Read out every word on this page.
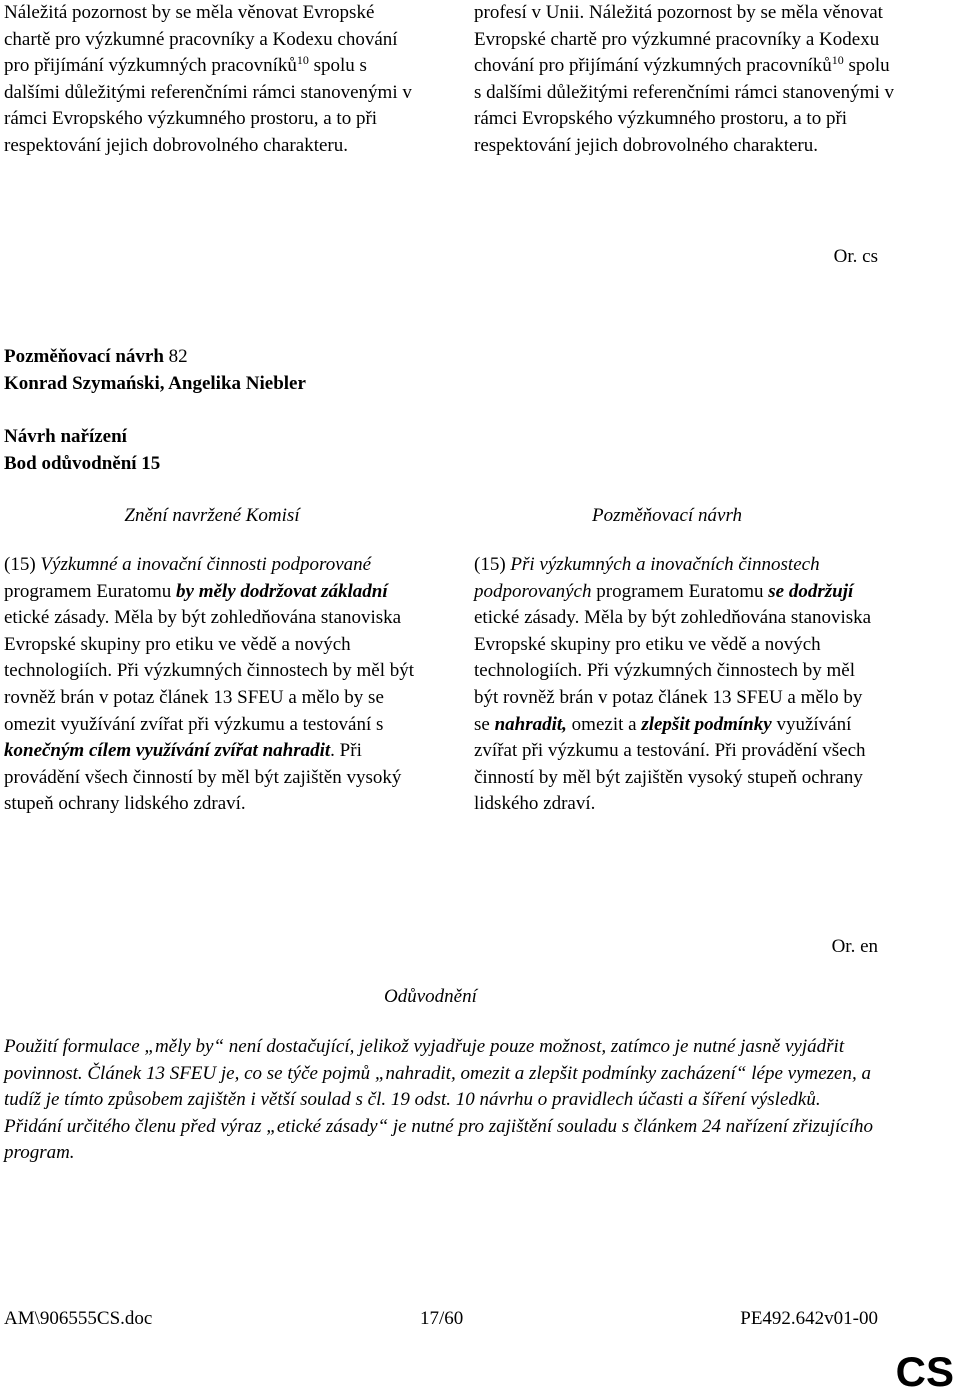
Náležitá pozornost by se měla věnovat Evropské chartě pro výzkumné pracovníky a Kodexu chování pro přijímání výzkumných pracovníků$^{10}$ spolu s dalšími důležitými referenčními rámci stanovenými v rámci Evropského výzkumného prostoru, a to při respektování jejich dobrovolného charakteru.
profesí v Unii. Náležitá pozornost by se měla věnovat Evropské chartě pro výzkumné pracovníky a Kodexu chování pro přijímání výzkumných pracovníků$^{10}$ spolu s dalšími důležitými referenčními rámci stanovenými v rámci Evropského výzkumného prostoru, a to při respektování jejich dobrovolného charakteru.
Or. cs
Pozměňovací návrh 82
Konrad Szymański, Angelika Niebler
Návrh nařízení
Bod odůvodnění 15
Znění navržené Komisí	Pozměňovací návrh
(15) Výzkumné a inovační činnosti podporované programem Euratomu by měly dodržovat základní etické zásady. Měla by být zohledňována stanoviska Evropské skupiny pro etiku ve vědě a nových technologiích. Při výzkumných činnostech by měl být rovněž brán v potaz článek 13 SFEU a mělo by se omezit využívání zvířat při výzkumu a testování s konečným cílem využívání zvířat nahradit. Při provádění všech činností by měl být zajištěn vysoký stupeň ochrany lidského zdraví.
(15) Při výzkumných a inovačních činnostech podporovaných programem Euratomu se dodržují etické zásady. Měla by být zohledňována stanoviska Evropské skupiny pro etiku ve vědě a nových technologiích. Při výzkumných činnostech by měl být rovněž brán v potaz článek 13 SFEU a mělo by se nahradit, omezit a zlepšit podmínky využívání zvířat při výzkumu a testování. Při provádění všech činností by měl být zajištěn vysoký stupeň ochrany lidského zdraví.
Or. en
Odůvodnění
Použití formulace „měly by“ není dostačující, jelikož vyjadřuje pouze možnost, zatímco je nutné jasně vyjádřit povinnost. Článek 13 SFEU je, co se týče pojmů „nahradit, omezit a zlepšit podmínky zacházení“ lépe vymezen, a tudíž je tímto způsobem zajištěn i větší soulad s čl. 19 odst. 10 návrhu o pravidlech účasti a šíření výsledků. Přidání určitého členu před výraz „etické zásady“ je nutné pro zajištění souladu s článkem 24 nařízení zřizujícího program.
AM\906555CS.doc	17/60	PE492.642v01-00
CS
